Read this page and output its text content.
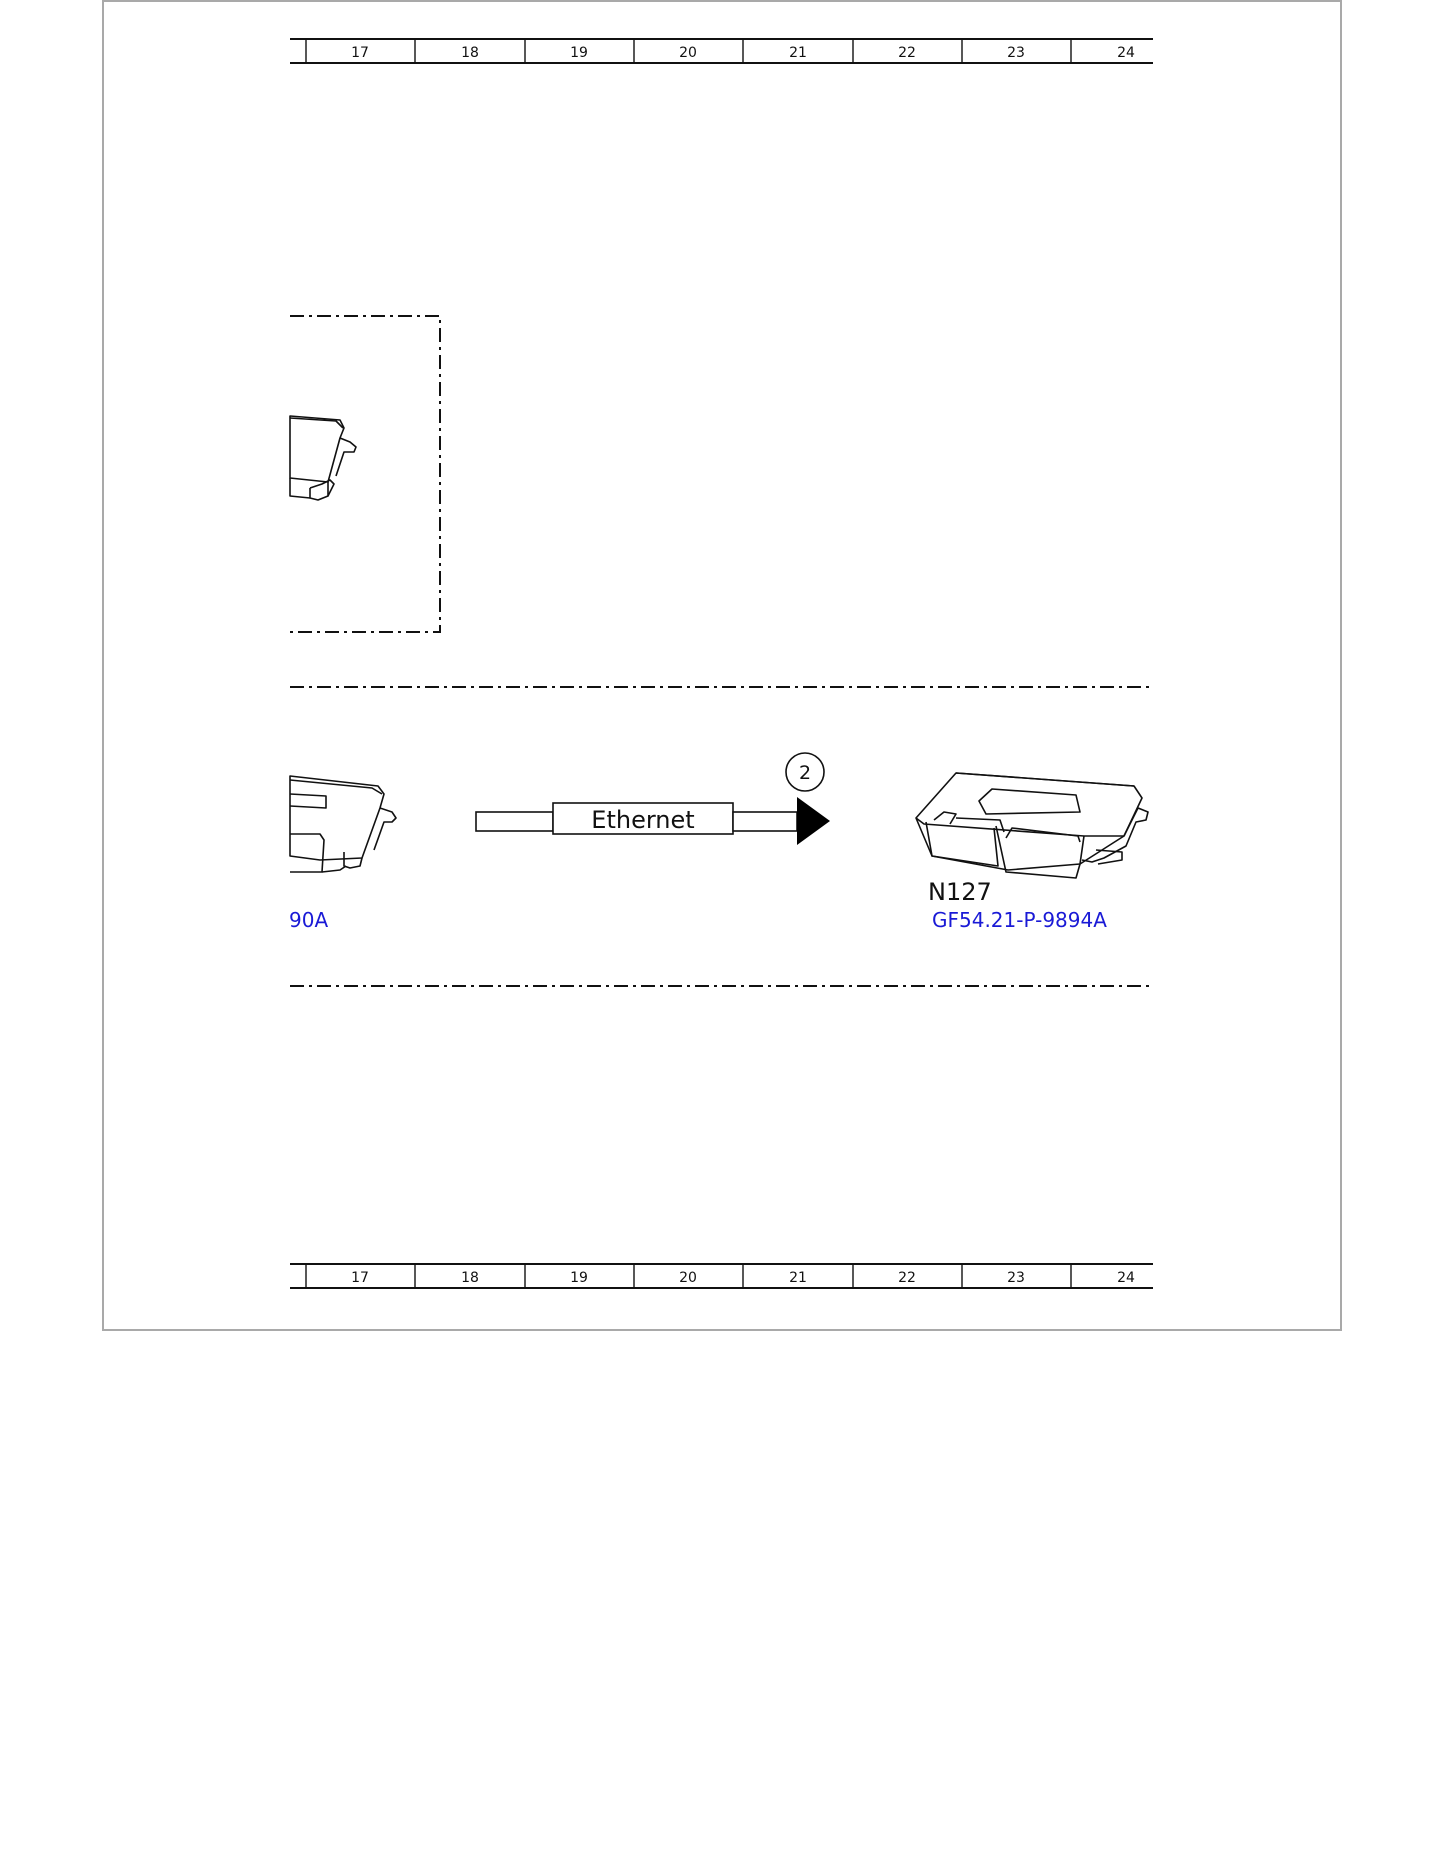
17	18	19	20	21	22	23	24
17	18	19	20	21	22	23	24
90A
Ethernet
2
N127
GF54.21-P-9894A
